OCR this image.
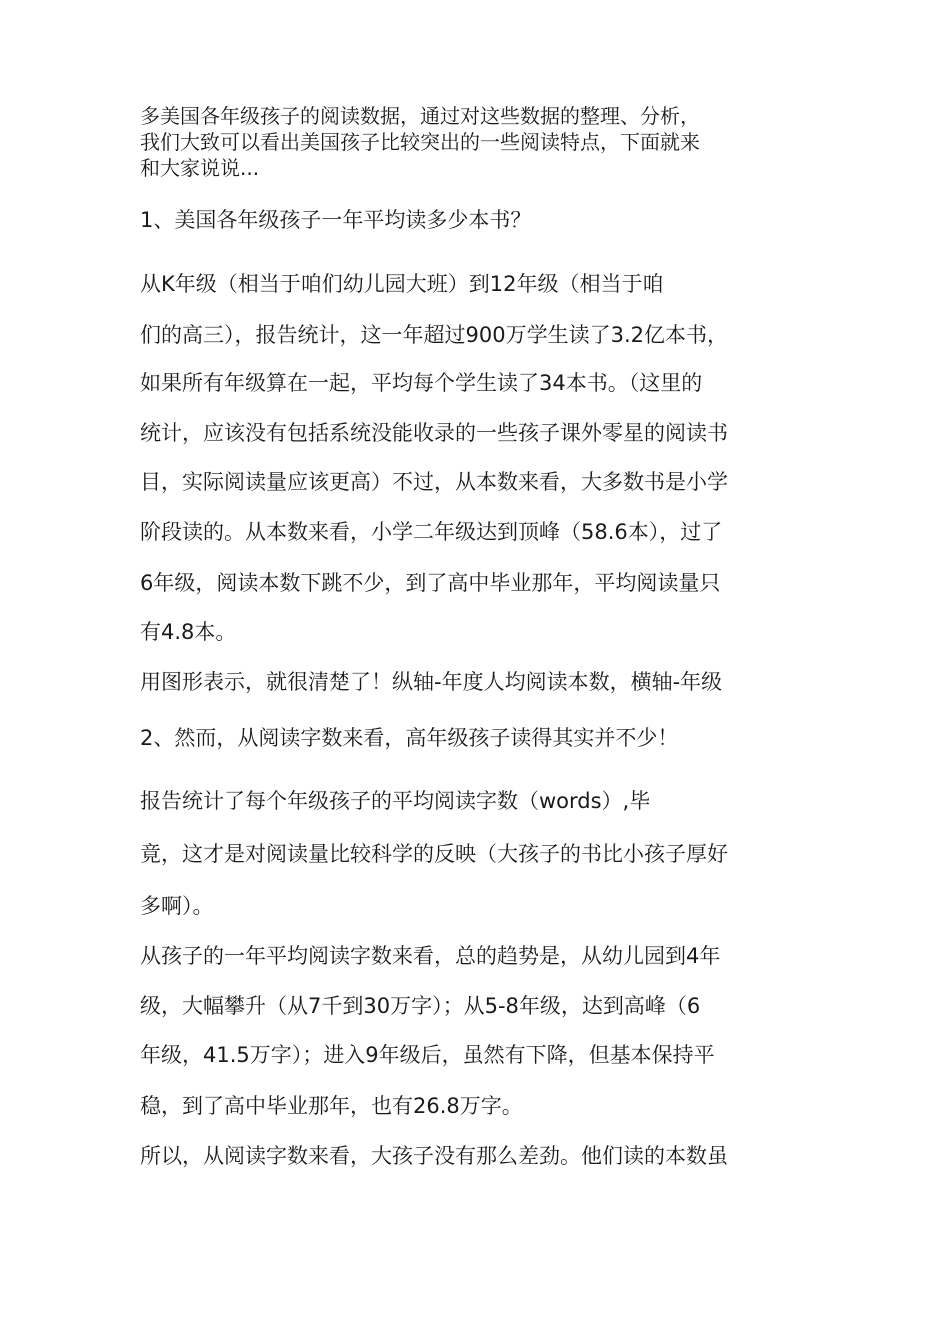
多美国各年级孩子的阅读数据，通过对这些数据的整理、分析，

我们大致可以看出美国孩子比较突出的一些阅读特点，下面就来

和大家说说...

1、美国各年级孩子一年平均读多少本书？

从K年级（相当于咱们幼儿园大班）到12年级（相当于咱

们的高三），报告统计，这一年超过900万学生读了3.2亿本书，

如果所有年级算在一起，平均每个学生读了34本书。（这里的

统计，应该没有包括系统没能收录的一些孩子课外零星的阅读书

目，实际阅读量应该更高）不过，从本数来看，大多数书是小学

阶段读的。从本数来看，小学二年级达到顶峰（58.6本），过了

6年级，阅读本数下跳不少，到了高中毕业那年，平均阅读量只

有4.8本。

用图形表示，就很清楚了！纵轴-年度人均阅读本数，横轴-年级

2、然而，从阅读字数来看，高年级孩子读得其实并不少！

报告统计了每个年级孩子的平均阅读字数（words）,毕

竟，这才是对阅读量比较科学的反映（大孩子的书比小孩子厚好

多啊）。

从孩子的一年平均阅读字数来看，总的趋势是，从幼儿园到4年

级，大幅攀升（从7千到30万字）；从5-8年级，达到高峰（6

年级，41.5万字）；进入9年级后，虽然有下降，但基本保持平

稳，到了高中毕业那年，也有26.8万字。

所以，从阅读字数来看，大孩子没有那么差劲。他们读的本数虽
